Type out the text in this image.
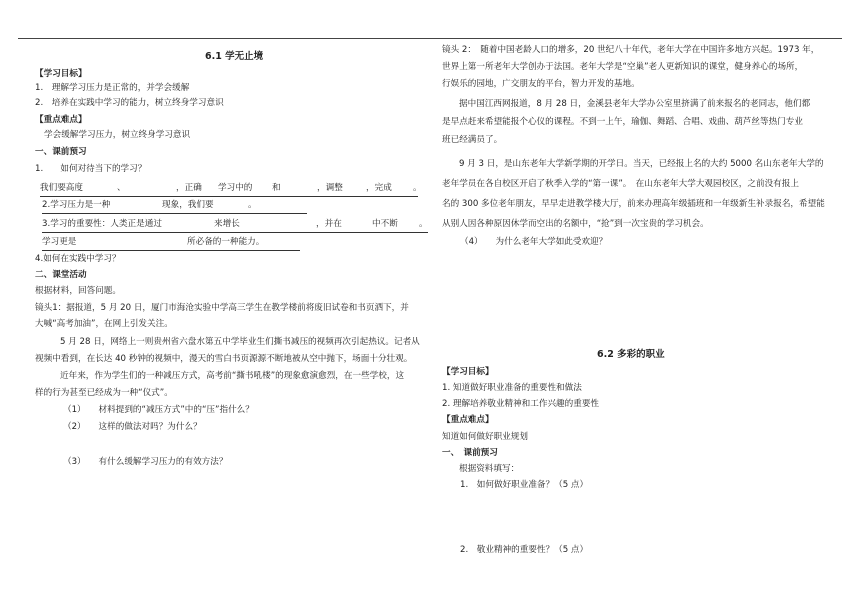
6.1 学无止境
【学习目标】
1.　理解学习压力是正常的，并学会缓解
2.　培养在实践中学习的能力，树立终身学习意识
【重点难点】
学会缓解学习压力，树立终身学习意识
一、课前预习
1.　　如何对待当下的学习？
我们要高度	、	，正确 学习中的 和	，调整	，完成 。
2.学习压力是一种	现象，我们要	。
3.学习的重要性：人类正是通过	来增长	，并在	中不断 。
学习更是	所必备的一种能力。
4.如何在实践中学习？
二、课堂活动
根据材料，回答问题。
镜头1：据报道，5 月 20 日，厦门市海沧实验中学高三学生在教学楼前将废旧试卷和书页洒下，并
大喊“高考加油”，在网上引发关注。
5 月 28 日，网络上一则贵州省六盘水第五中学毕业生们撕书减压的视频再次引起热议。记者从
视频中看到，在长达 40 秒钟的视频中，漫天的雪白书页源源不断地被从空中抛下，场面十分壮观。
近年来，作为学生们的一种减压方式，高考前“撕书吼楼”的现象愈演愈烈，在一些学校，这
样的行为甚至已经成为一种“仪式”。
（1）　　材料提到的“减压方式”中的“压”指什么？
（2）　　这样的做法对吗？为什么？
（3）　　有什么缓解学习压力的有效方法？
镜头 2：　随着中国老龄人口的增多，20 世纪八十年代，老年大学在中国许多地方兴起。1973 年，
世界上第一所老年大学创办于法国。老年大学是“空巢”老人更新知识的课堂，健身养心的场所，
行娱乐的园地，广交朋友的平台，智力开发的基地。
据中国江西网报道，8 月 28 日，金溪县老年大学办公室里挤满了前来报名的老同志，他们都
是早点赶来希望能报个心仪的课程。不到一上午，瑜伽、舞蹈、合唱、戏曲、葫芦丝等热门专业
班已经满员了。
9 月 3 日，是山东老年大学新学期的开学日。当天，已经报上名的大约 5000 名山东老年大学的
老年学员在各自校区开启了秋季入学的“第一课”。　在山东老年大学大观园校区，之前没有报上
名的 300 多位老年朋友，早早走进教学楼大厅，前来办理高年级插班和一年级新生补录报名，希望能
从别人因各种原因休学而空出的名额中，“抢”到一次宝贵的学习机会。
（4）　　为什么老年大学如此受欢迎？
6.2 多彩的职业
【学习目标】
1. 知道做好职业准备的重要性和做法
2. 理解培养敬业精神和工作兴趣的重要性
【重点难点】
知道如何做好职业规划
一、　课前预习
根据资料填写：
1.　如何做好职业准备？（5 点）
2.　敬业精神的重要性？（5 点）
